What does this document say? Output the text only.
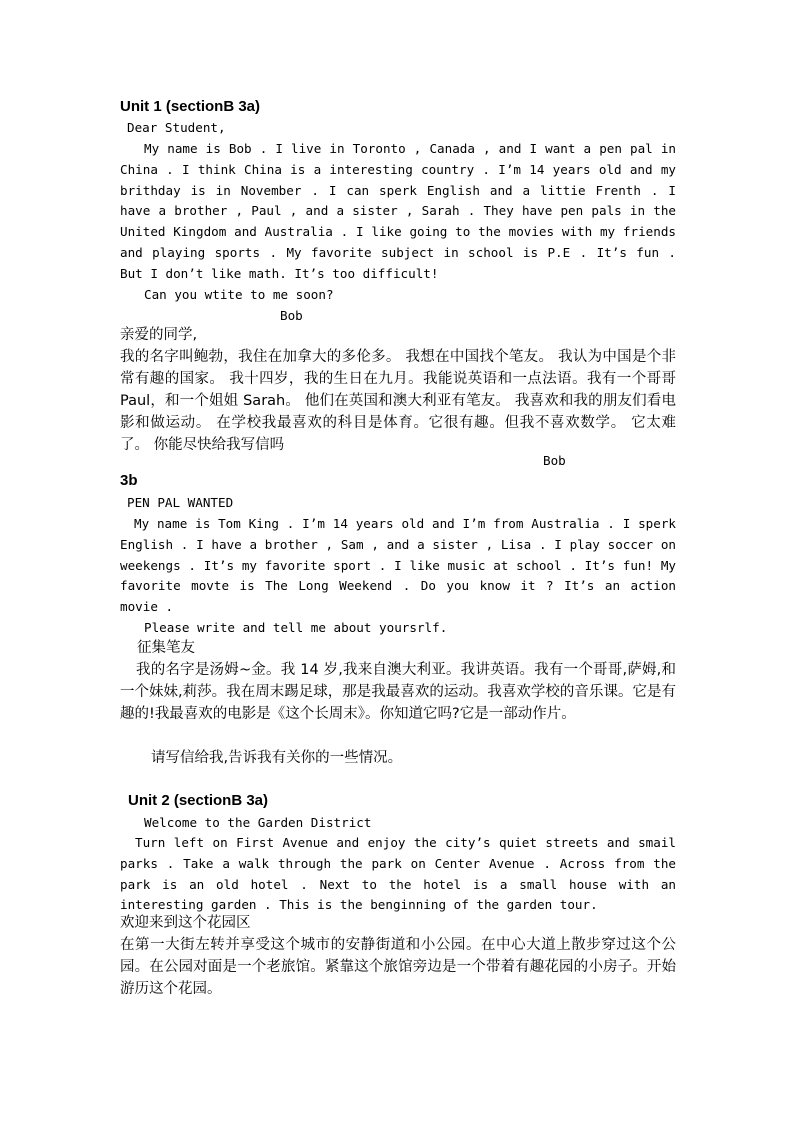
Unit 1 (sectionB 3a)
Dear Student,

My name is Bob . I live in Toronto , Canada , and I want a pen pal in China . I think China is a interesting country . I’m 14 years old and my brithday is in November . I can sperk English and a littie Frenth . I have a brother , Paul , and a sister , Sarah . They have pen pals in the United Kingdom and Australia . I like going to the movies with my friends and playing sports . My favorite subject in school is P.E . It’s fun . But I don’t like math. It’s too difficult!

Can you wtite to me soon?
Bob
亲爱的同学,

我的名字叫鲍勃，我住在加拿大的多伦多。 我想在中国找个笔友。 我认为中国是个非常有趣的国家。 我十四岁，我的生日在九月。我能说英语和一点法语。我有一个哥哥 Paul，和一个姐姐 Sarah。 他们在英国和澳大利亚有笔友。 我喜欢和我的朋友们看电影和做运动。 在学校我最喜欢的科目是体育。它很有趣。但我不喜欢数学。 它太难了。 你能尽快给我写信吗

Bob
3b
PEN PAL WANTED

My name is Tom King . I’m 14 years old and I’m from Australia . I sperk English . I have a brother , Sam , and a sister , Lisa . I play soccer on weekengs . It’s my favorite sport . I like music at school . It’s fun! My favorite movte is The Long Weekend . Do you know it ? It’s an action movie .

Please write and tell me about yoursrlf.
征集笔友

我的名字是汤姆~金。我 14 岁,我来自澳大利亚。我讲英语。我有一个哥哥,萨姆,和一个妹妹,莉莎。我在周末踢足球，那是我最喜欢的运动。我喜欢学校的音乐课。它是有趣的!我最喜欢的电影是《这个长周末》。你知道它吗?它是一部动作片。

请写信给我,告诉我有关你的一些情况。
Unit 2 (sectionB 3a)
Welcome to the Garden District

Turn left on First Avenue and enjoy the city’s quiet streets and smail parks . Take a walk through the park on Center Avenue . Across from the park is an old hotel . Next to the hotel is a small house with an interesting garden . This is the benginning of the garden tour.

欢迎来到这个花园区

在第一大街左转并享受这个城市的安静街道和小公园。在中心大道上散步穿过这个公园。在公园对面是一个老旅馆。紧靠这个旅馆旁边是一个带着有趣花园的小房子。开始游历这个花园。
